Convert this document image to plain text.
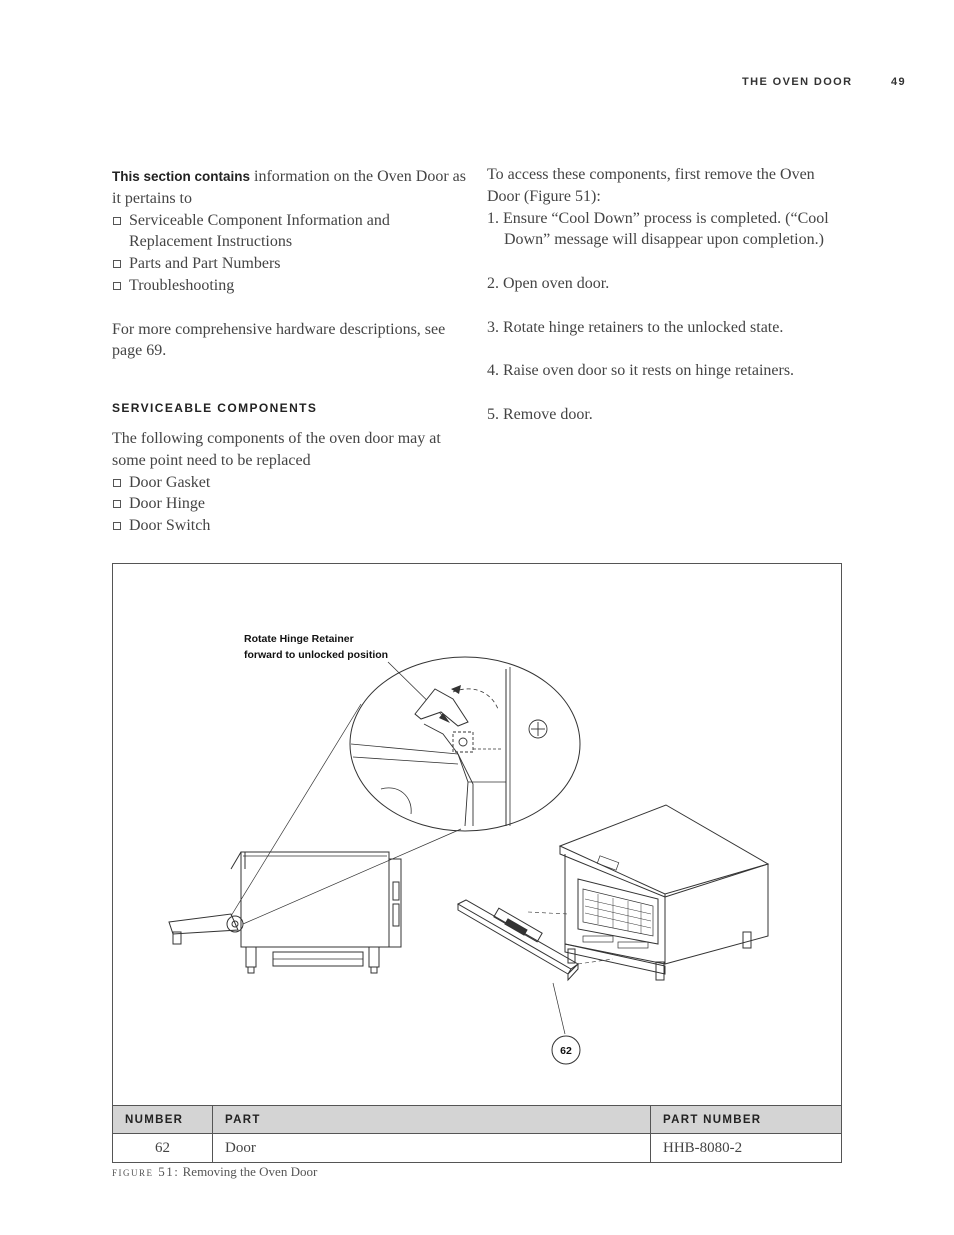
THE OVEN DOOR	49

This section contains information on the Oven Door as it pertains to

Serviceable Component Information and Replacement Instructions

Parts and Part Numbers

Troubleshooting

For more comprehensive hardware descriptions, see page 69.

SERVICEABLE COMPONENTS

The following components of the oven door may at some point need to be replaced

Door Gasket

Door Hinge

Door Switch

To access these components, first remove the Oven Door (Figure 51):

1. Ensure “Cool Down” process is completed. (“Cool Down” message will disappear upon completion.)

2. Open oven door.

3. Rotate hinge retainers to the unlocked state.

4. Raise oven door so it rests on hinge retainers.

5. Remove door.

Rotate Hinge Retainer
forward to unlocked position
62
NUMBER	PART	PART NUMBER
62	Door	HHB-8080-2
figure 51: Removing the Oven Door
